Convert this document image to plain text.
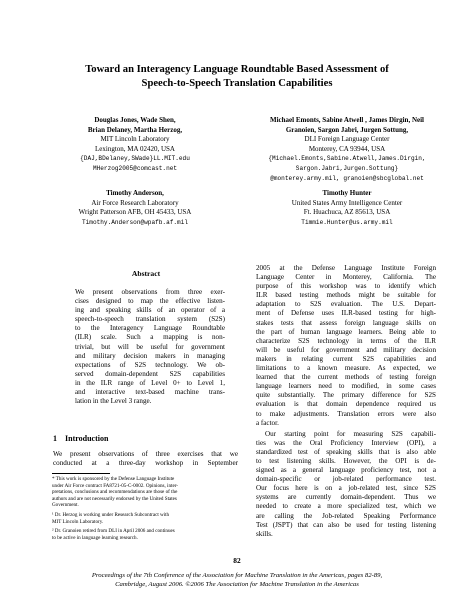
Toward an Interagency Language Roundtable Based Assessment of
Speech-to-Speech Translation Capabilities
Douglas Jones, Wade Shen,
Brian Delaney, Martha Herzog,
MIT Lincoln Laboratory
Lexington, MA 02420, USA
{DAJ,BDelaney,SWade}LL.MIT.edu
MHerzog2005@comcast.net
Michael Emonts, Sabine Atwell , James Dirgin, Neil
Granoien, Sargon Jabri, Jurgen Sottung,
DLI Foreign Language Center
Monterey, CA 93944, USA
{Michael.Emonts,Sabine.Atwell,James.Dirgin,
Sargon.Jabri,Jurgen.Sottung}
@monterey.army.mil, granoien@sbcglobal.net
Timothy Anderson,
Air Force Research Laboratory
Wright Patterson AFB, OH 45433, USA
Timothy.Anderson@wpafb.af.mil
Timothy Hunter
United States Army Intelligence Center
Ft. Huachuca, AZ 85613, USA
Timmie.Hunter@us.army.mil
Abstract
We present observations from three exer-
cises designed to map the effective listen-
ing and speaking skills of an operator of a
speech-to-speech translation system (S2S)
to the Interagency Language Roundtable
(ILR) scale. Such a mapping is non-
trivial, but will be useful for government
and military decision makers in managing
expectations of S2S technology. We ob-
served domain-dependent S2S capabilities
in the ILR range of Level 0+ to Level 1,
and interactive text-based machine trans-
lation in the Level 3 range.
1 Introduction
We present observations of three exercises that we
conducted at a three-day workshop in September
* This work is sponsored by the Defense Language Institute
under Air Force contract FA8721-05-C-0002. Opinions, inter-
pretations, conclusions and recommendations are those of the
authors and are not necessarily endorsed by the United States
Government.
¹ Dr. Herzog is working under Research Subcontract with
MIT Lincoln Laboratory.
² Dr. Granoien retired from DLI in April 2006 and continues
to be active in language learning research.
2005 at the Defense Language Institute Foreign
Language Center in Monterey, California. The
purpose of this workshop was to identify which
ILR based testing methods might be suitable for
adaptation to S2S evaluation. The U.S. Depart-
ment of Defense uses ILR-based testing for high-
stakes tests that assess foreign language skills on
the part of human language learners. Being able to
characterize S2S technology in terms of the ILR
will be useful for government and military decision
makers in relating current S2S capabilities and
limitations to a known measure. As expected, we
learned that the current methods of testing foreign
language learners need to modified, in some cases
quite substantially. The primary difference for S2S
evaluation is that domain dependence required us
to make adjustments. Translation errors were also
a factor.
Our starting point for measuring S2S capabili-
ties was the Oral Proficiency Interview (OPI), a
standardized test of speaking skills that is also able
to test listening skills. However, the OPI is de-
signed as a general language proficiency test, not a
domain-specific or job-related performance test.
Our focus here is on a job-related test, since S2S
systems are currently domain-dependent. Thus we
needed to create a more specialized test, which we
are calling the Job-related Speaking Performance
Test (JSPT) that can also be used for testing listening
skills.
82
Proceedings of the 7th Conference of the Association for Machine Translation in the Americas, pages 82-89,
Cambridge, August 2006. ©2006 The Association for Machine Translation in the Americas
